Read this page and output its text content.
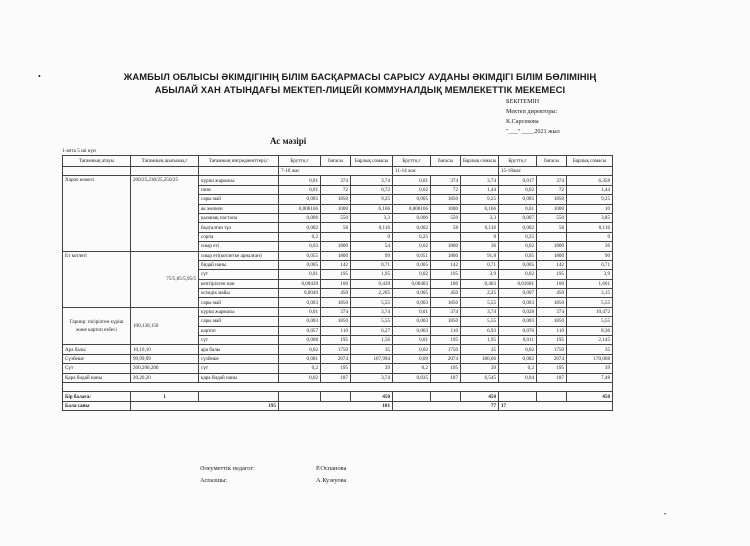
•	ЖАМБЫЛ ОБЛЫСЫ ӘКІМДІГІНІҢ БІЛІМ БАСҚАРМАСЫ САРЫСУ АУДАНЫ ӘКІМДІГІ БІЛІМ БӨЛІМІНІҢ
АБЫЛАЙ ХАН АТЫНДАҒЫ МЕКТЕП-ЛИЦЕЙІ КОММУНАЛДЫҚ МЕМЛЕКЕТТІК МЕКЕМЕСІ
БЕКІТЕМІН
Мектеп директоры:
К.Сарсекова
"___" ____2021 жыл
Ас мәзірі
1-апта 5 ші күн
Тағамның атауы	Тағамның шығымы,г	Тағамның ингредиенттері,г	Брутто,г	бағасы	Барлық сомасы	Брутто,г	бағасы	Барлық сомасы	Брутто,г	бағасы	Барлық сомасы
			7-10 жас			11-14 жас			15-18жас		
Харчо көжесі	200/25,230/25,250/25	күріш жармасы	0,01	374	3,74	0,01	374	3,74	0,017	374	6,358
		пияз	0,01	72	0,72	0,02	72	1,44	0,02	72	1,44
		сары май	0,005	1850	9,25	0,005	1850	9,25	0,005	1850	9,25
		ак желкен	0,006166	1000	6,166	0,006166	1000	6,166	0,01	1000	10
		қызанақ пастасы	0,006	550	3,3	0,006	550	3,3	0,007	550	3,85
		йодталған тұз	0,002	58	0,116	0,002	58	0,116	0,002	58	0,116
		сорпа	0,2		0	0,25		0	0,25		0
		сиыр еті	0,03	1800	54	0,02	1800	36	0,02	1800	36
Ет котлеті	75/5,85/5,95/5	сиыр еті(котлетке арналған)	0,055	1800	99	0,051	1800	91,8	0,05	1800	90
		бидай наны	0,005	142	0,71	0,005	142	0,71	0,005	142	0,71
		сүт	0,01	195	1,95	0,02	195	3,9	0,02	195	3,9
		кептірілген нан	0,00439	100	0,439	0,00403	100	0,403	0,01601	100	1,601
		өсімдік майы	0,0049	450	2,205	0,005	450	2,25	0,007	450	3,15
		сары май	0,003	1850	5,55	0,003	1850	5,55	0,003	1850	5,55
Гарнир: пісірілген күріш және картоп езбесі	100,130,150	күріш жармасы	0,01	374	3,74	0,01	374	3,74	0,028	374	10,472
		сары май	0,003	1850	5,55	0,003	1850	5,55	0,003	1850	5,55
		картоп	0,057	110	6,27	0,063	110	6,93	0,076	110	8,36
		сүт	0,008	195	1,56	0,01	195	1,95	0,011	195	2,145
Ара балы	10,10,10	ара балы	0,02	1750	35	0,02	1750	35	0,02	1750	35
Сүзбеше	99,99,99	сүзбеше	0,081	2074	167,994	0,09	2074	186,66	0,082	2074	170,068
Сүт	200,200,200	сүт	0,2	195	39	0,2	195	39	0,2	195	39
Қара бидай наны	20,20,20	қара бидай наны	0,02	187	3,74	0,035	187	6,545	0,04	187	7,48

Бір балаға:	1				450			450			450
Бала саны	195		101			77			17		
Әлеуметтік педагог:	Р.Оспанова
Аспазшы:	А.Кузеуова
•
